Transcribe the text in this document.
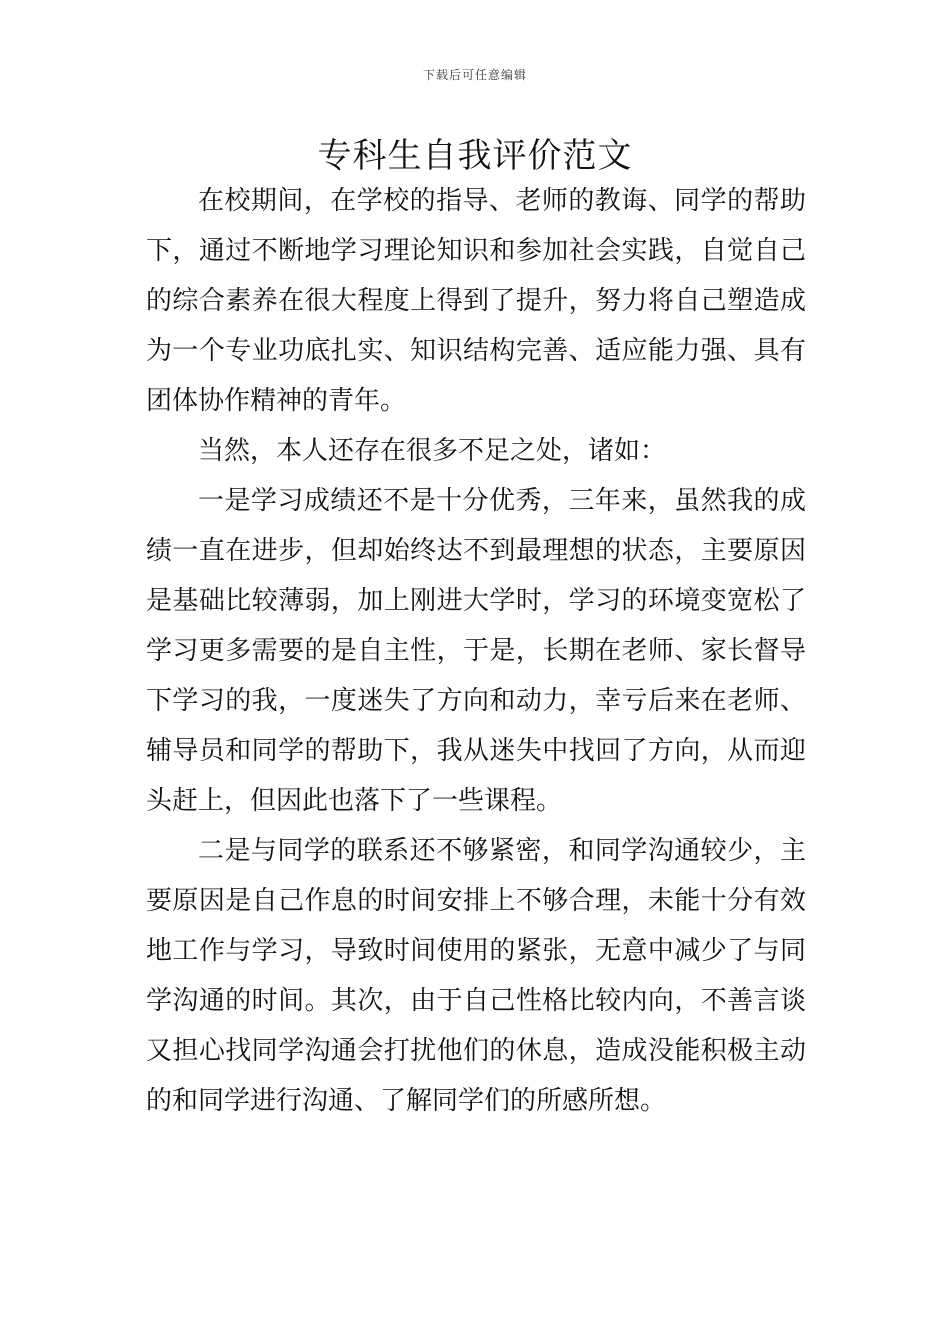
下载后可任意编辑
专科生自我评价范文

在校期间，在学校的指导、老师的教诲、同学的帮助下，通过不断地学习理论知识和参加社会实践，自觉自己的综合素养在很大程度上得到了提升，努力将自己塑造成为一个专业功底扎实、知识结构完善、适应能力强、具有团体协作精神的青年。

当然，本人还存在很多不足之处，诸如：

一是学习成绩还不是十分优秀，三年来，虽然我的成绩一直在进步，但却始终达不到最理想的状态，主要原因是基础比较薄弱，加上刚进大学时，学习的环境变宽松了学习更多需要的是自主性，于是，长期在老师、家长督导下学习的我，一度迷失了方向和动力，幸亏后来在老师、辅导员和同学的帮助下，我从迷失中找回了方向，从而迎头赶上，但因此也落下了一些课程。

二是与同学的联系还不够紧密，和同学沟通较少，主要原因是自己作息的时间安排上不够合理，未能十分有效地工作与学习，导致时间使用的紧张，无意中减少了与同学沟通的时间。其次，由于自己性格比较内向，不善言谈又担心找同学沟通会打扰他们的休息，造成没能积极主动的和同学进行沟通、了解同学们的所感所想。
